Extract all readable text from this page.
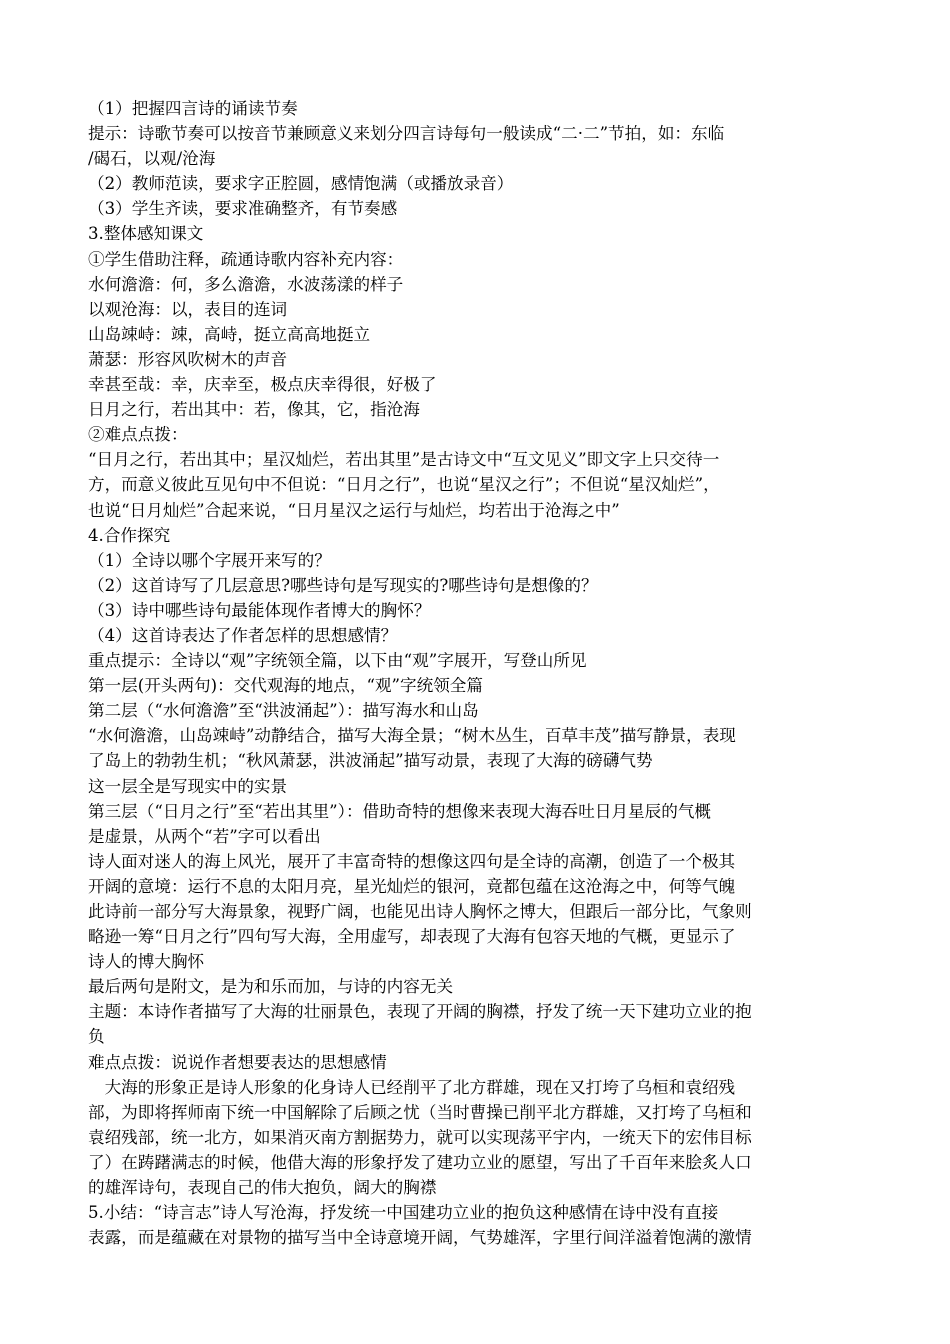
（1）把握四言诗的诵读节奏
提示：诗歌节奏可以按音节兼顾意义来划分四言诗每句一般读成“二·二”节拍，如：东临
/碣石，以观/沧海
（2）教师范读，要求字正腔圆，感情饱满（或播放录音）
（3）学生齐读，要求准确整齐，有节奏感
3.整体感知课文
①学生借助注释，疏通诗歌内容补充内容：
水何澹澹：何，多么澹澹，水波荡漾的样子
以观沧海：以，表目的连词
山岛竦峙：竦，高峙，挺立高高地挺立
萧瑟：形容风吹树木的声音
幸甚至哉：幸，庆幸至，极点庆幸得很，好极了
日月之行，若出其中：若，像其，它，指沧海
②难点点拨：
“日月之行，若出其中；星汉灿烂，若出其里”是古诗文中“互文见义”即文字上只交待一
方，而意义彼此互见句中不但说：“日月之行”，也说“星汉之行”；不但说“星汉灿烂”，
也说“日月灿烂”合起来说，“日月星汉之运行与灿烂，均若出于沧海之中”
4.合作探究
（1）全诗以哪个字展开来写的？
（2）这首诗写了几层意思?哪些诗句是写现实的?哪些诗句是想像的？
（3）诗中哪些诗句最能体现作者博大的胸怀？
（4）这首诗表达了作者怎样的思想感情？
重点提示：全诗以“观”字统领全篇，以下由“观”字展开，写登山所见
第一层(开头两句)：交代观海的地点，“观”字统领全篇
第二层（“水何澹澹”至“洪波涌起”）：描写海水和山岛
“水何澹澹，山岛竦峙”动静结合，描写大海全景；“树木丛生，百草丰茂”描写静景，表现
了岛上的勃勃生机；“秋风萧瑟，洪波涌起”描写动景，表现了大海的磅礴气势
这一层全是写现实中的实景
第三层（“日月之行”至“若出其里”）：借助奇特的想像来表现大海吞吐日月星辰的气概
是虚景，从两个“若”字可以看出
诗人面对迷人的海上风光，展开了丰富奇特的想像这四句是全诗的高潮，创造了一个极其
开阔的意境：运行不息的太阳月亮，星光灿烂的银河，竟都包蕴在这沧海之中，何等气魄
此诗前一部分写大海景象，视野广阔，也能见出诗人胸怀之博大，但跟后一部分比，气象则
略逊一筹“日月之行”四句写大海，全用虚写，却表现了大海有包容天地的气概，更显示了
诗人的博大胸怀
最后两句是附文，是为和乐而加，与诗的内容无关
主题：本诗作者描写了大海的壮丽景色，表现了开阔的胸襟，抒发了统一天下建功立业的抱
负
难点点拨：说说作者想要表达的思想感情
　大海的形象正是诗人形象的化身诗人已经削平了北方群雄，现在又打垮了乌桓和袁绍残
部，为即将挥师南下统一中国解除了后顾之忧（当时曹操已削平北方群雄，又打垮了乌桓和
袁绍残部，统一北方，如果消灭南方割据势力，就可以实现荡平宇内，一统天下的宏伟目标
了）在踌躇满志的时候，他借大海的形象抒发了建功立业的愿望，写出了千百年来脍炙人口
的雄浑诗句，表现自己的伟大抱负，阔大的胸襟
5.小结：“诗言志”诗人写沧海，抒发统一中国建功立业的抱负这种感情在诗中没有直接
表露，而是蕴藏在对景物的描写当中全诗意境开阔，气势雄浑，字里行间洋溢着饱满的激情
